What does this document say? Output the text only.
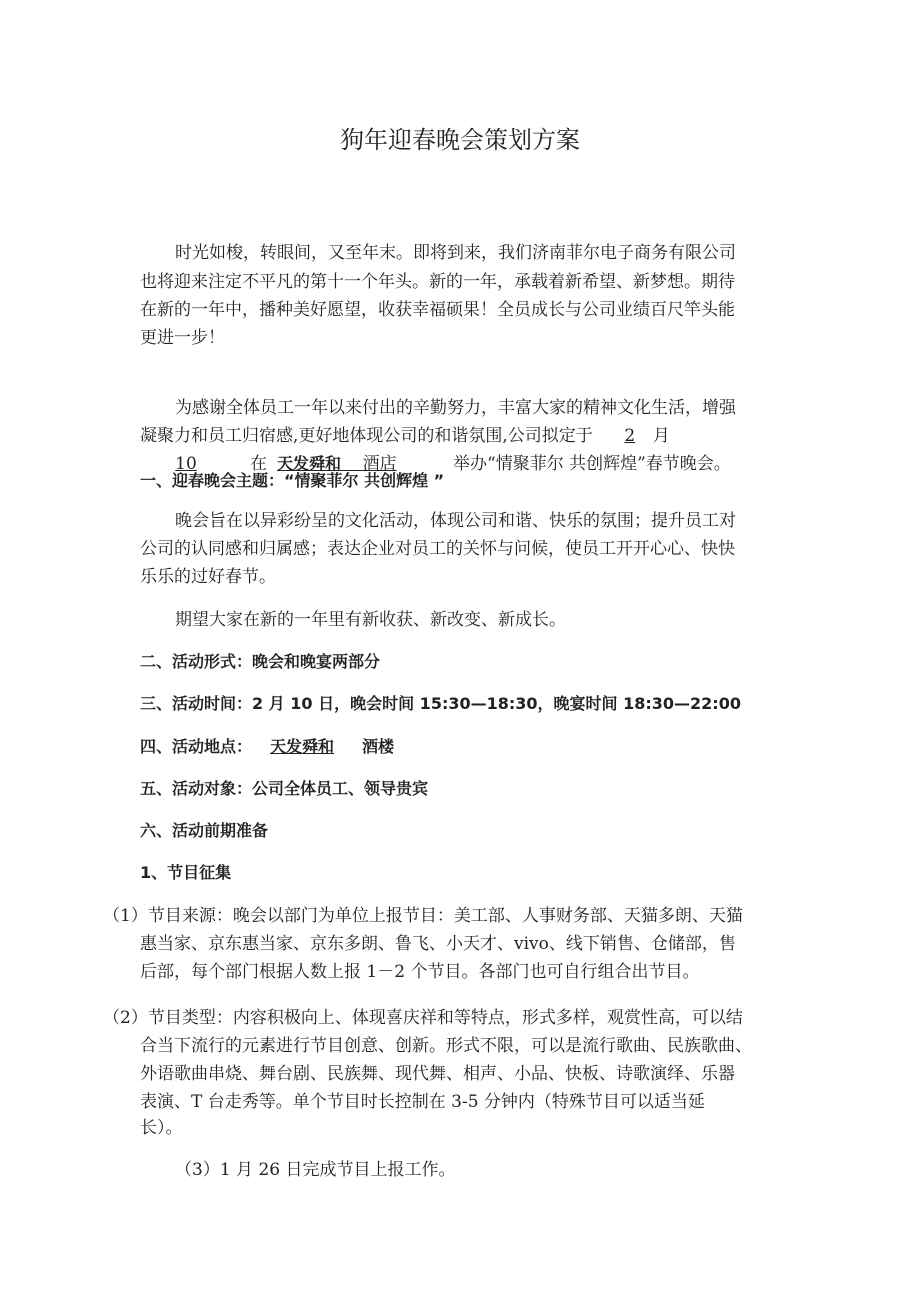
狗年迎春晚会策划方案
时光如梭，转眼间，又至年末。即将到来，我们济南菲尔电子商务有限公司
也将迎来注定不平凡的第十一个年头。新的一年，承载着新希望、新梦想。期待
在新的一年中，播种美好愿望，收获幸福硕果！全员成长与公司业绩百尺竿头能
更进一步！
为感谢全体员工一年以来付出的辛勤努力，丰富大家的精神文化生活，增强
凝聚力和员工归宿感,更好地体现公司的和谐氛围,公司拟定于 2 月
10	在 天发舜和 酒店	举办“情聚菲尔 共创辉煌”春节晚会。
一、迎春晚会主题：“情聚菲尔 共创辉煌 ”
晚会旨在以异彩纷呈的文化活动，体现公司和谐、快乐的氛围；提升员工对
公司的认同感和归属感；表达企业对员工的关怀与问候，使员工开开心心、快快
乐乐的过好春节。
期望大家在新的一年里有新收获、新改变、新成长。
二、活动形式：晚会和晚宴两部分
三、活动时间：2 月 10 日，晚会时间 15:30—18:30，晚宴时间 18:30—22:00
四、活动地点： 天发舜和 酒楼
五、活动对象：公司全体员工、领导贵宾
六、活动前期准备
1、节目征集
（1）节目来源：晚会以部门为单位上报节目：美工部、人事财务部、天猫多朗、天猫
惠当家、京东惠当家、京东多朗、鲁飞、小天才、vivo、线下销售、仓储部，售
后部，每个部门根据人数上报 1－2 个节目。各部门也可自行组合出节目。
（2）节目类型：内容积极向上、体现喜庆祥和等特点，形式多样，观赏性高，可以结
合当下流行的元素进行节目创意、创新。形式不限，可以是流行歌曲、民族歌曲、
外语歌曲串烧、舞台剧、民族舞、现代舞、相声、小品、快板、诗歌演绎、乐器
表演、T 台走秀等。单个节目时长控制在 3-5 分钟内（特殊节目可以适当延
长）。
（3）1 月 26 日完成节目上报工作。
